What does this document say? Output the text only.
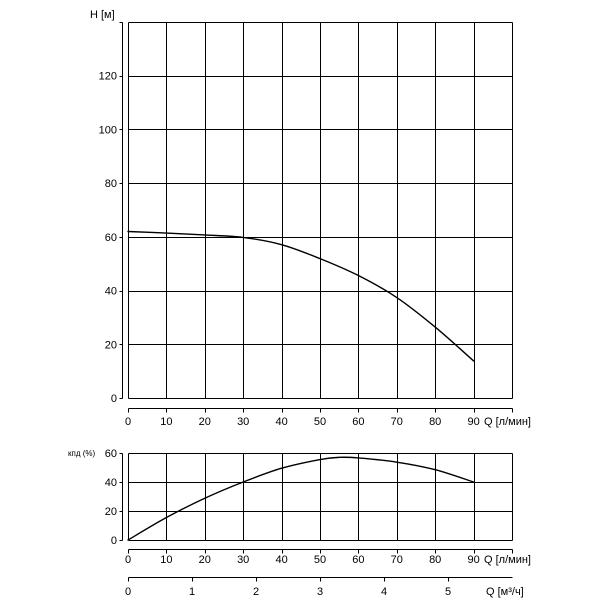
0	10 20 30 40 50 60 70 80 90
0
20
40
60
80
100
120
0	10 20 30 40 50 60 70 80 90
0
20
40
60
0	1	2	3	4	5
H [м]
Q [л/мин]
кпд (%)
Q [л/мин]
Q [м³/ч]
